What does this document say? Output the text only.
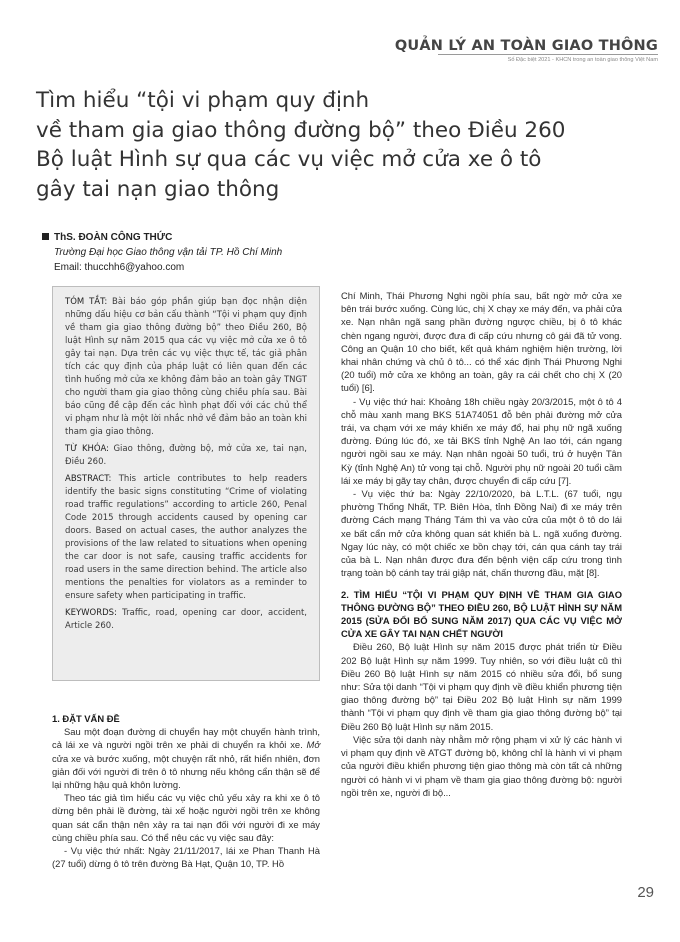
QUẢN LÝ AN TOÀN GIAO THÔNG
Số Đặc biệt 2021 - KHCN trong an toàn giao thông Việt Nam
Tìm hiểu “tội vi phạm quy định
về tham gia giao thông đường bộ” theo Điều 260
Bộ luật Hình sự qua các vụ việc mở cửa xe ô tô
gây tai nạn giao thông
ThS. ĐOÀN CÔNG THỨC
Trường Đại học Giao thông vận tải TP. Hồ Chí Minh
Email: thucchh6@yahoo.com

TÓM TẮT: Bài báo góp phần giúp bạn đọc nhận diện những dấu hiệu cơ bản cấu thành “Tội vi phạm quy định về tham gia giao thông đường bộ” theo Điều 260, Bộ luật Hình sự năm 2015 qua các vụ việc mở cửa xe ô tô gây tai nạn. Dựa trên các vụ việc thực tế, tác giả phân tích các quy định của pháp luật có liên quan đến các tình huống mở cửa xe không đảm bảo an toàn gây TNGT cho người tham gia giao thông cùng chiều phía sau. Bài báo cũng đề cập đến các hình phạt đối với các chủ thể vi phạm như là một lời nhắc nhở về đảm bảo an toàn khi tham gia giao thông.

TỪ KHÓA: Giao thông, đường bộ, mở cửa xe, tai nạn, Điều 260.

ABSTRACT: This article contributes to help readers identify the basic signs constituting “Crime of violating road traffic regulations” according to article 260, Penal Code 2015 through accidents caused by opening car doors. Based on actual cases, the author analyzes the provisions of the law related to situations when opening the car door is not safe, causing traffic accidents for road users in the same direction behind. The article also mentions the penalties for violators as a reminder to ensure safety when participating in traffic.

KEYWORDS: Traffic, road, opening car door, accident, Article 260.

1. ĐẶT VẤN ĐỀ

Sau một đoạn đường di chuyển hay một chuyến hành trình, cả lái xe và người ngồi trên xe phải di chuyển ra khỏi xe. Mở cửa xe và bước xuống, một chuyện rất nhỏ, rất hiển nhiên, đơn giản đối với người đi trên ô tô nhưng nếu không cẩn thận sẽ để lại những hậu quả khôn lường.

Theo tác giả tìm hiểu các vụ việc chủ yếu xảy ra khi xe ô tô dừng bên phải lề đường, tài xế hoặc người ngồi trên xe không quan sát cẩn thận nên xảy ra tai nạn đối với người đi xe máy cùng chiều phía sau. Có thể nêu các vụ việc sau đây:

- Vụ việc thứ nhất: Ngày 21/11/2017, lái xe Phan Thanh Hà (27 tuổi) dừng ô tô trên đường Bà Hạt, Quận 10, TP. Hồ

Chí Minh, Thái Phương Nghi ngồi phía sau, bất ngờ mở cửa xe bên trái bước xuống. Cùng lúc, chị X chạy xe máy đến, va phải cửa xe. Nạn nhân ngã sang phần đường ngược chiều, bị ô tô khác chèn ngang người, được đưa đi cấp cứu nhưng cô gái đã tử vong. Công an Quận 10 cho biết, kết quả khám nghiệm hiện trường, lời khai nhân chứng và chủ ô tô... có thể xác định Thái Phương Nghi (20 tuổi) mở cửa xe không an toàn, gây ra cái chết cho chị X (20 tuổi) [6].

- Vụ việc thứ hai: Khoảng 18h chiều ngày 20/3/2015, một ô tô 4 chỗ màu xanh mang BKS 51A74051 đỗ bên phải đường mở cửa trái, va chạm với xe máy khiến xe máy đổ, hai phụ nữ ngã xuống đường. Đúng lúc đó, xe tải BKS tỉnh Nghệ An lao tới, cán ngang người ngồi sau xe máy. Nạn nhân ngoài 50 tuổi, trú ở huyện Tân Kỳ (tỉnh Nghệ An) tử vong tại chỗ. Người phụ nữ ngoài 20 tuổi cầm lái xe máy bị gãy tay chân, được chuyển đi cấp cứu [7].

- Vụ việc thứ ba: Ngày 22/10/2020, bà L.T.L. (67 tuổi, ngụ phường Thống Nhất, TP. Biên Hòa, tỉnh Đồng Nai) đi xe máy trên đường Cách mạng Tháng Tám thì va vào cửa của một ô tô do lái xe bất cẩn mở cửa không quan sát khiến bà L. ngã xuống đường. Ngay lúc này, có một chiếc xe bồn chạy tới, cán qua cánh tay trái của bà L. Nạn nhân được đưa đến bệnh viện cấp cứu trong tình trạng toàn bộ cánh tay trái giập nát, chấn thương đầu, mặt [8].

2. TÌM HIỂU “TỘI VI PHẠM QUY ĐỊNH VỀ THAM GIA GIAO THÔNG ĐƯỜNG BỘ” THEO ĐIỀU 260, BỘ LUẬT HÌNH SỰ NĂM 2015 (SỬA ĐỔI BỔ SUNG NĂM 2017) QUA CÁC VỤ VIỆC MỞ CỬA XE GÂY TAI NẠN CHẾT NGƯỜI

Điều 260, Bộ luật Hình sự năm 2015 được phát triển từ Điều 202 Bộ luật Hình sự năm 1999. Tuy nhiên, so với điều luật cũ thì Điều 260 Bộ luật Hình sự năm 2015 có nhiều sửa đổi, bổ sung như: Sửa tội danh “Tội vi phạm quy định về điều khiển phương tiện giao thông đường bộ” tại Điều 202 Bộ luật Hình sự năm 1999 thành “Tội vi phạm quy định về tham gia giao thông đường bộ” tại Điều 260 Bộ luật Hình sự năm 2015.

Việc sửa tội danh này nhằm mở rộng phạm vi xử lý các hành vi vi phạm quy định về ATGT đường bộ, không chỉ là hành vi vi phạm của người điều khiển phương tiện giao thông mà còn tất cả những người có hành vi vi phạm về tham gia giao thông đường bộ: người ngồi trên xe, người đi bộ...

29
